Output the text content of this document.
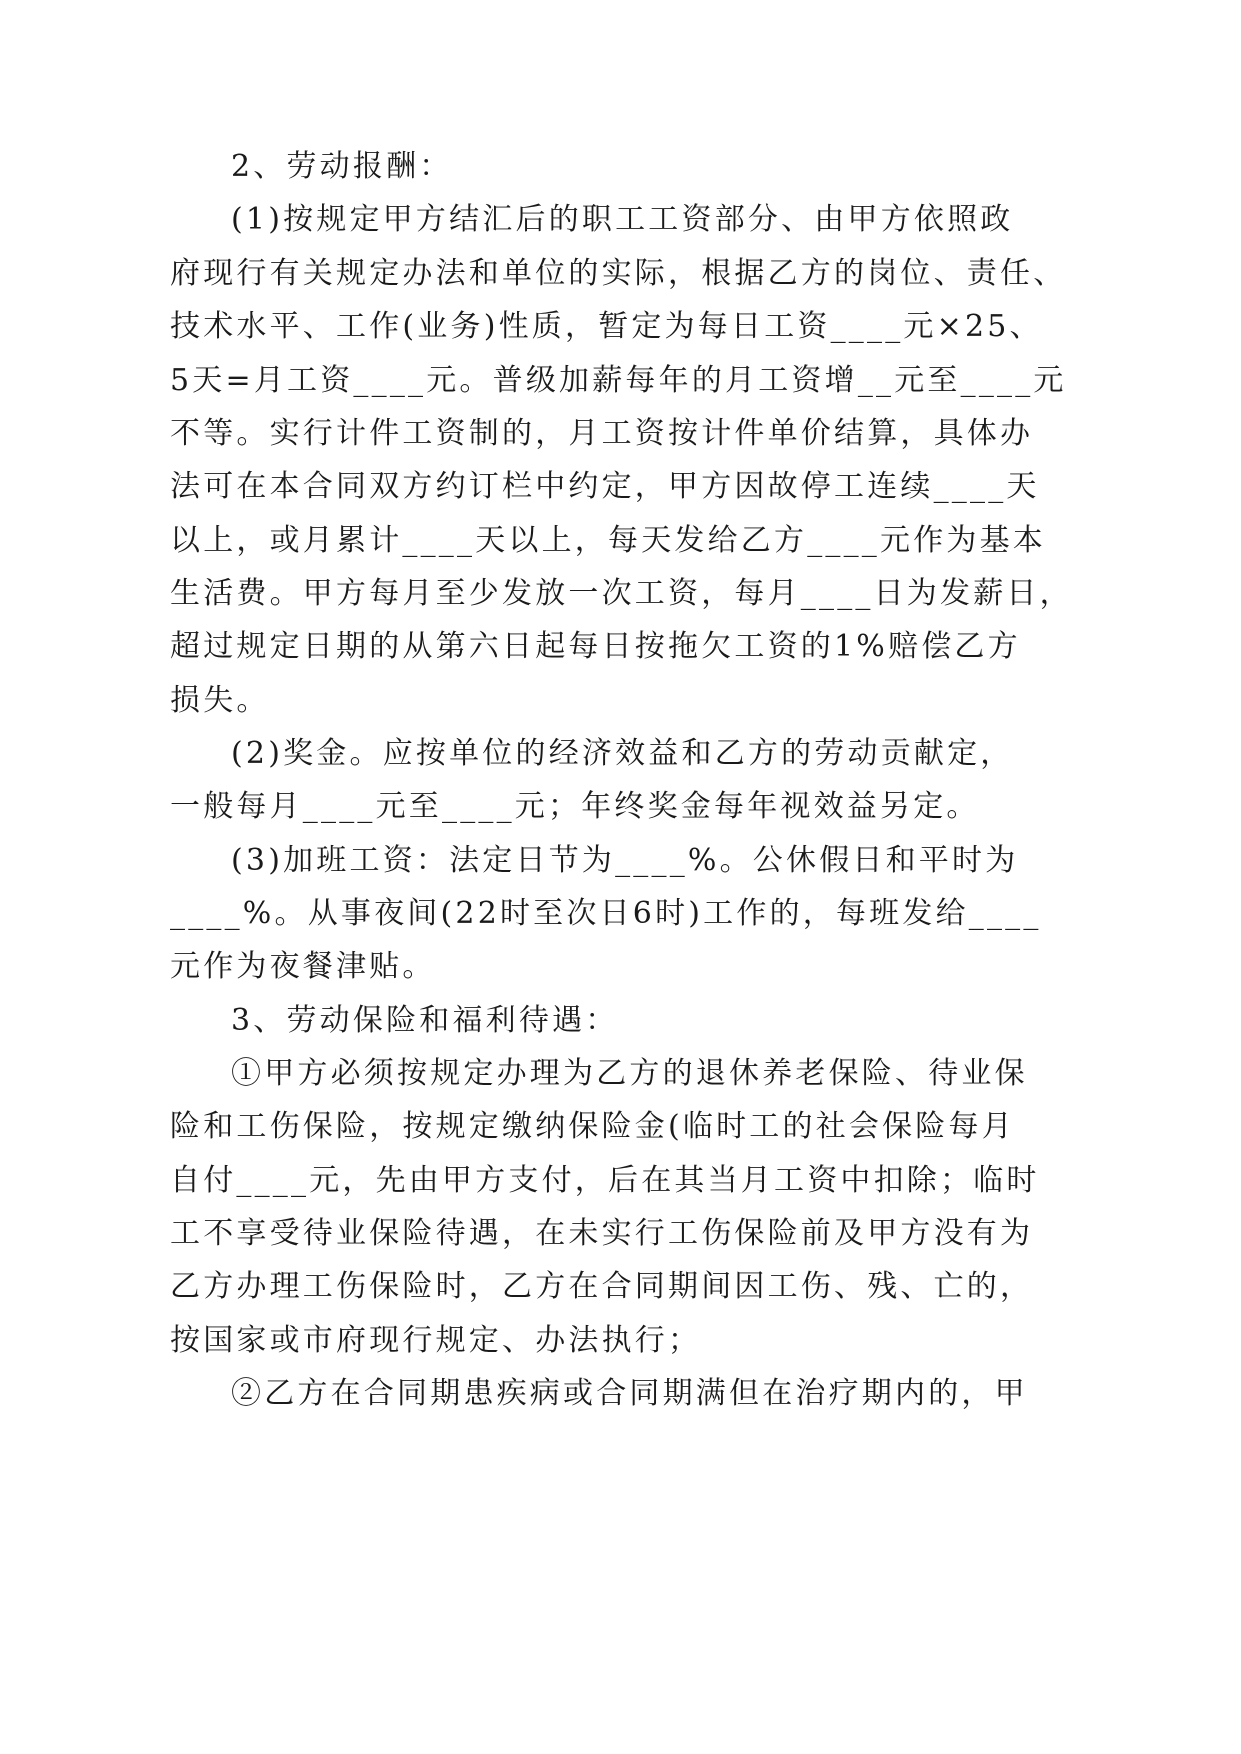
2、劳动报酬：
(1)按规定甲方结汇后的职工工资部分、由甲方依照政
府现行有关规定办法和单位的实际，根据乙方的岗位、责任、
技术水平、工作(业务)性质，暂定为每日工资____元×25、
5天=月工资____元。普级加薪每年的月工资增__元至____元
不等。实行计件工资制的，月工资按计件单价结算，具体办
法可在本合同双方约订栏中约定，甲方因故停工连续____天
以上，或月累计____天以上，每天发给乙方____元作为基本
生活费。甲方每月至少发放一次工资，每月____日为发薪日，
超过规定日期的从第六日起每日按拖欠工资的1%赔偿乙方
损失。
(2)奖金。应按单位的经济效益和乙方的劳动贡献定，
一般每月____元至____元；年终奖金每年视效益另定。
(3)加班工资：法定日节为____%。公休假日和平时为
____%。从事夜间(22时至次日6时)工作的，每班发给____
元作为夜餐津贴。
3、劳动保险和福利待遇：
①甲方必须按规定办理为乙方的退休养老保险、待业保
险和工伤保险，按规定缴纳保险金(临时工的社会保险每月
自付____元，先由甲方支付，后在其当月工资中扣除；临时
工不享受待业保险待遇，在未实行工伤保险前及甲方没有为
乙方办理工伤保险时，乙方在合同期间因工伤、残、亡的，
按国家或市府现行规定、办法执行；
②乙方在合同期患疾病或合同期满但在治疗期内的，甲
